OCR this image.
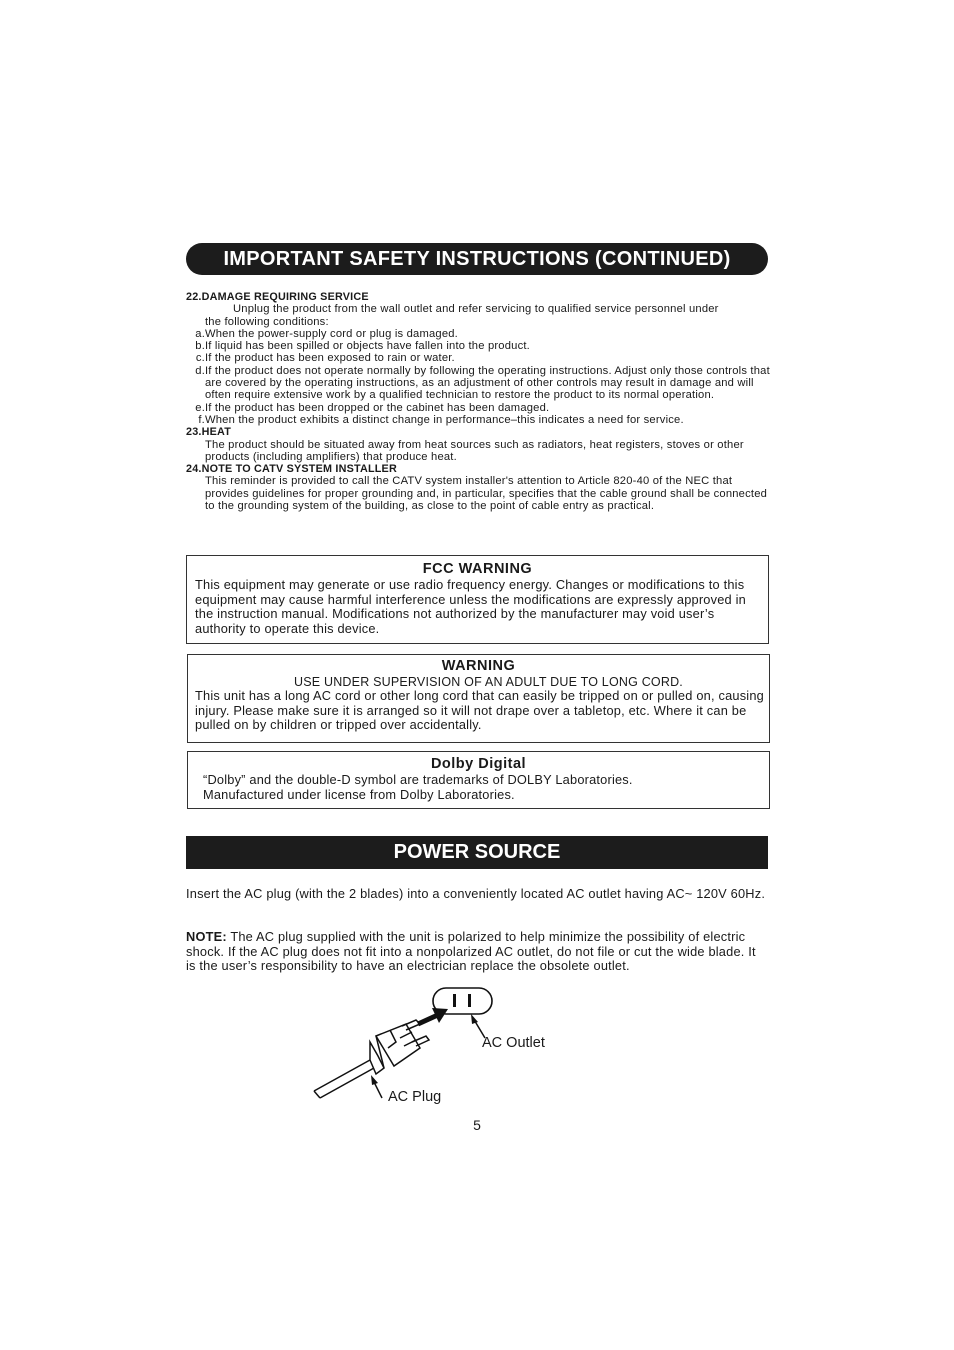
IMPORTANT SAFETY INSTRUCTIONS (CONTINUED)
22.DAMAGE REQUIRING SERVICE
Unplug the product from the wall outlet and refer servicing to qualified service personnel under
the following conditions:
a. When the power-supply cord or plug is damaged.
b. If liquid has been spilled or objects have fallen into the product.
c. If the product has been exposed to rain or water.
d. If the product does not operate normally by following the operating instructions. Adjust only those controls that are covered by the operating instructions, as an adjustment of other controls may result in damage and will often require extensive work by a qualified technician to restore the product to its normal operation.
e. If the product has been dropped or the cabinet has been damaged.
f. When the product exhibits a distinct change in performance–this indicates a need for service.
23.HEAT
The product should be situated away from heat sources such as radiators, heat registers, stoves or other products (including amplifiers) that produce heat.
24.NOTE TO CATV SYSTEM INSTALLER
This reminder is provided to call the CATV system installer's attention to Article 820-40 of the NEC that provides guidelines for proper grounding and, in particular, specifies that the cable ground shall be connected to the grounding system of the building, as close to the point of cable entry as practical.
FCC WARNING
This equipment may generate or use radio frequency energy. Changes or modifications to this equipment may cause harmful interference unless the modifications are expressly approved in the instruction manual. Modifications not authorized by the manufacturer may void user’s authority to operate this device.
WARNING
USE UNDER SUPERVISION OF AN ADULT DUE TO LONG CORD.
This unit has a long AC cord or other long cord that can easily be tripped on or pulled on, causing injury. Please make sure it is arranged so it will not drape over a tabletop, etc. Where it can be pulled on by children or tripped over accidentally.
Dolby Digital
“Dolby” and the double-D symbol are trademarks of DOLBY Laboratories.
Manufactured under license from Dolby Laboratories.
POWER SOURCE
Insert the AC plug (with the 2 blades) into a conveniently located AC outlet having AC~ 120V 60Hz.
NOTE: The AC plug supplied with the unit is polarized to help minimize the possibility of electric shock. If the AC plug does not fit into a nonpolarized AC outlet, do not file or cut the wide blade. It is the user’s responsibility to have an electrician replace the obsolete outlet.
AC Outlet
AC Plug
5
